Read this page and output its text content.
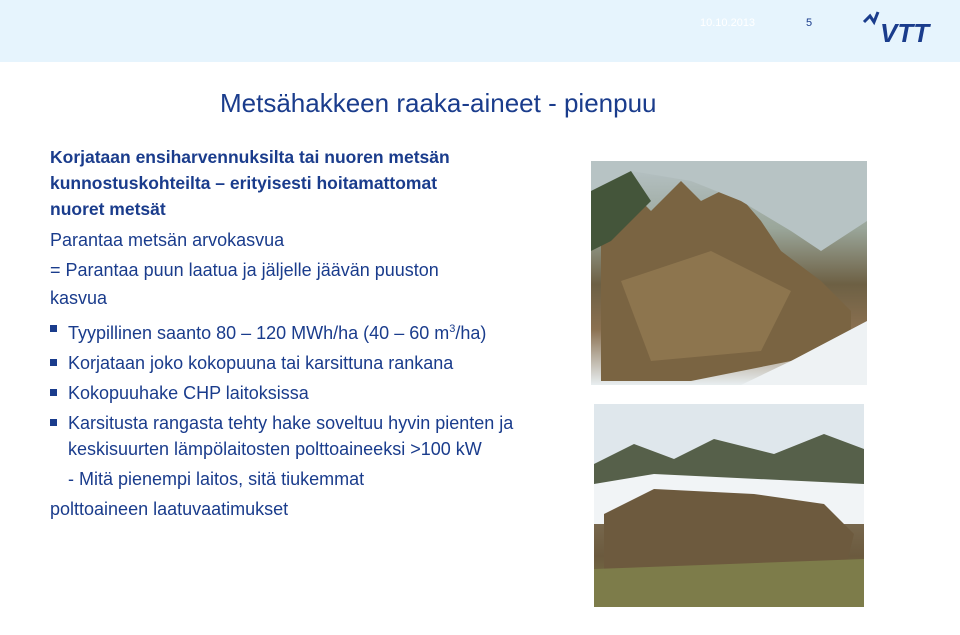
10.10.2013	5	VTT
Metsähakkeen raaka-aineet - pienpuu
Korjataan ensiharvennuksilta tai nuoren metsän kunnostuskohteilta – erityisesti hoitamattomat nuoret metsät
Parantaa metsän arvokasvua
= Parantaa puun laatua ja jäljelle jäävän puuston kasvua
Tyypillinen saanto 80 – 120 MWh/ha (40 – 60 $m^3/ha$)
Korjataan joko kokopuuna tai karsittuna rankana
Kokopuuhake CHP laitoksissa
Karsitusta rangasta tehty hake soveltuu hyvin pienten ja keskisuurten lämpölaitosten polttoaineeksi >100 kW
- Mitä pienempi laitos, sitä tiukemmat
polttoaineen laatuvaatimukset
